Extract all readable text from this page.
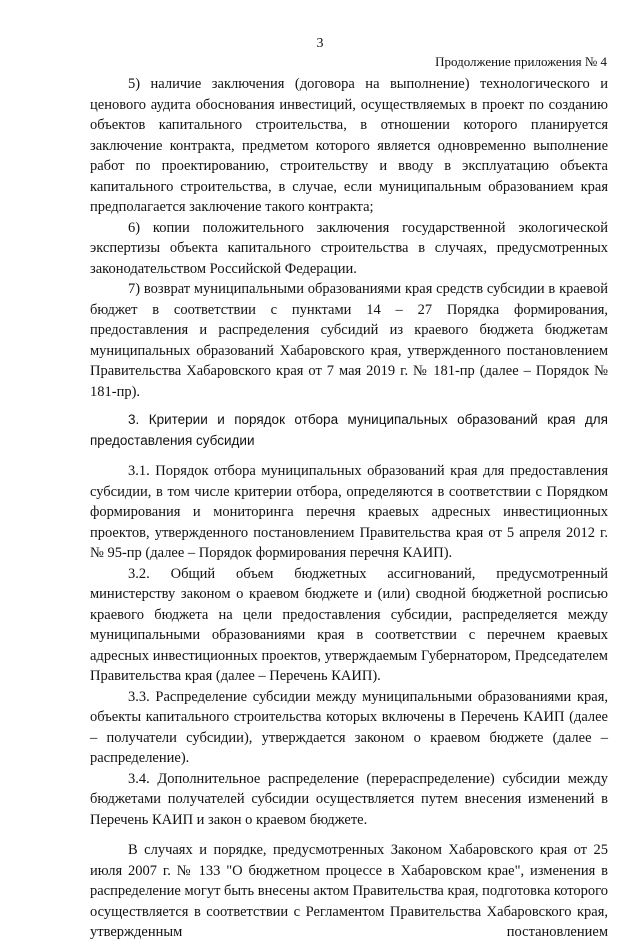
3
Продолжение приложения № 4

5) наличие заключения (договора на выполнение) технологического и ценового аудита обоснования инвестиций, осуществляемых в проект по созданию объектов капитального строительства, в отношении которого планируется заключение контракта, предметом которого является одновременно выполнение работ по проектированию, строительству и вводу в эксплуатацию объекта капитального строительства, в случае, если муниципальным образованием края предполагается заключение такого контракта;

6) копии положительного заключения государственной экологической экспертизы объекта капитального строительства в случаях, предусмотренных законодательством Российской Федерации.

7) возврат муниципальными образованиями края средств субсидии в краевой бюджет в соответствии с пунктами 14 – 27 Порядка формирования, предоставления и распределения субсидий из краевого бюджета бюджетам муниципальных образований Хабаровского края, утвержденного постановлением Правительства Хабаровского края от 7 мая 2019 г. № 181-пр (далее – Порядок № 181-пр).

3. Критерии и порядок отбора муниципальных образований края для предоставления субсидии

3.1. Порядок отбора муниципальных образований края для предоставления субсидии, в том числе критерии отбора, определяются в соответствии с Порядком формирования и мониторинга перечня краевых адресных инвестиционных проектов, утвержденного постановлением Правительства края от 5 апреля 2012 г. № 95-пр (далее – Порядок формирования перечня КАИП).

3.2. Общий объем бюджетных ассигнований, предусмотренный министерству законом о краевом бюджете и (или) сводной бюджетной росписью краевого бюджета на цели предоставления субсидии, распределяется между муниципальными образованиями края в соответствии с перечнем краевых адресных инвестиционных проектов, утверждаемым Губернатором, Председателем Правительства края (далее – Перечень КАИП).

3.3. Распределение субсидии между муниципальными образованиями края, объекты капитального строительства которых включены в Перечень КАИП (далее – получатели субсидии), утверждается законом о краевом бюджете (далее – распределение).

3.4. Дополнительное распределение (перераспределение) субсидии между бюджетами получателей субсидии осуществляется путем внесения изменений в Перечень КАИП и закон о краевом бюджете.

В случаях и порядке, предусмотренных Законом Хабаровского края от 25 июля 2007 г. № 133 "О бюджетном процессе в Хабаровском крае", изменения в распределение могут быть внесены актом Правительства края, подготовка которого осуществляется в соответствии с Регламентом Правительства Хабаровского края, утвержденным постановлением
